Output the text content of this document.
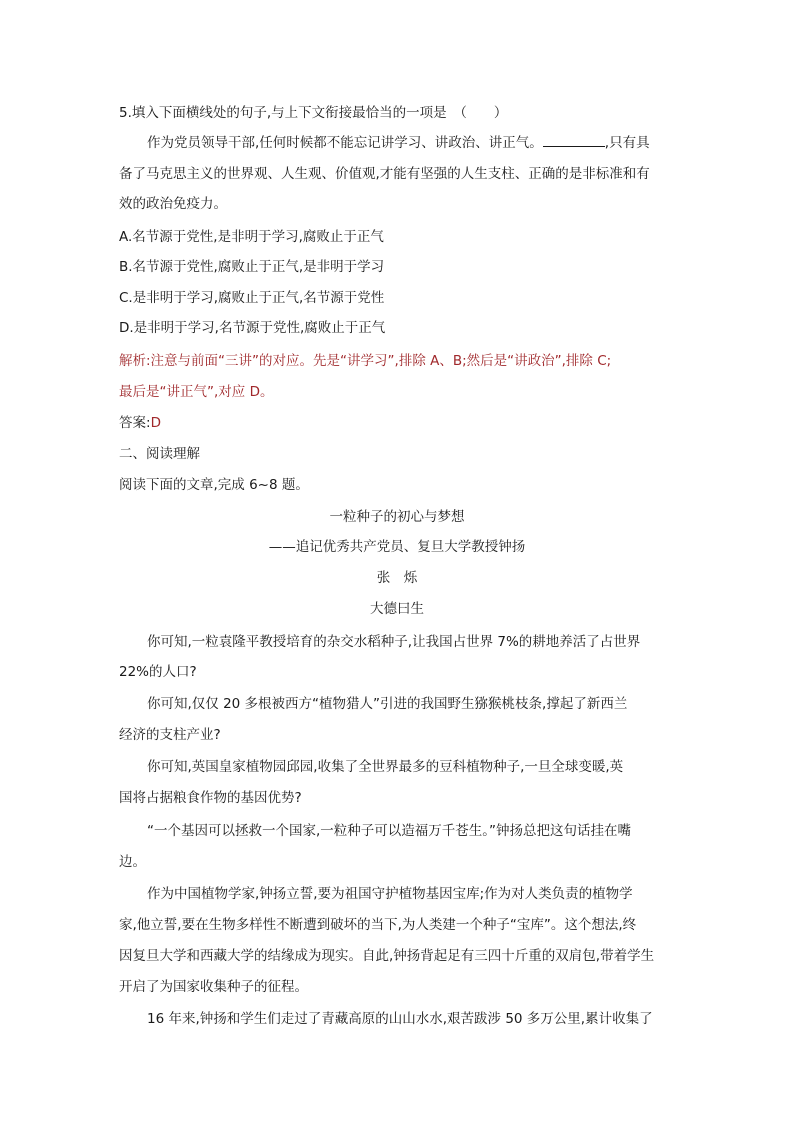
5.填入下面横线处的句子,与上下文衔接最恰当的一项是　（　　）
作为党员领导干部,任何时候都不能忘记讲学习、讲政治、讲正气。	,只有具
备了马克思主义的世界观、人生观、价值观,才能有坚强的人生支柱、正确的是非标准和有
效的政治免疫力。
A.名节源于党性,是非明于学习,腐败止于正气
B.名节源于党性,腐败止于正气,是非明于学习
C.是非明于学习,腐败止于正气,名节源于党性
D.是非明于学习,名节源于党性,腐败止于正气
解析:注意与前面“三讲”的对应。先是“讲学习”,排除 A、B;然后是“讲政治”,排除 C;
最后是“讲正气”,对应 D。
答案:D
二、阅读理解
阅读下面的文章,完成 6~8 题。
一粒种子的初心与梦想
——追记优秀共产党员、复旦大学教授钟扬
张　烁
大德曰生
你可知,一粒袁隆平教授培育的杂交水稻种子,让我国占世界 7%的耕地养活了占世界
22%的人口?
你可知,仅仅 20 多根被西方“植物猎人”引进的我国野生猕猴桃枝条,撑起了新西兰
经济的支柱产业?
你可知,英国皇家植物园邱园,收集了全世界最多的豆科植物种子,一旦全球变暖,英
国将占据粮食作物的基因优势?
“一个基因可以拯救一个国家,一粒种子可以造福万千苍生。”钟扬总把这句话挂在嘴
边。
作为中国植物学家,钟扬立誓,要为祖国守护植物基因宝库;作为对人类负责的植物学
家,他立誓,要在生物多样性不断遭到破坏的当下,为人类建一个种子“宝库”。这个想法,终
因复旦大学和西藏大学的结缘成为现实。自此,钟扬背起足有三四十斤重的双肩包,带着学生
开启了为国家收集种子的征程。
16 年来,钟扬和学生们走过了青藏高原的山山水水,艰苦跋涉 50 多万公里,累计收集了
